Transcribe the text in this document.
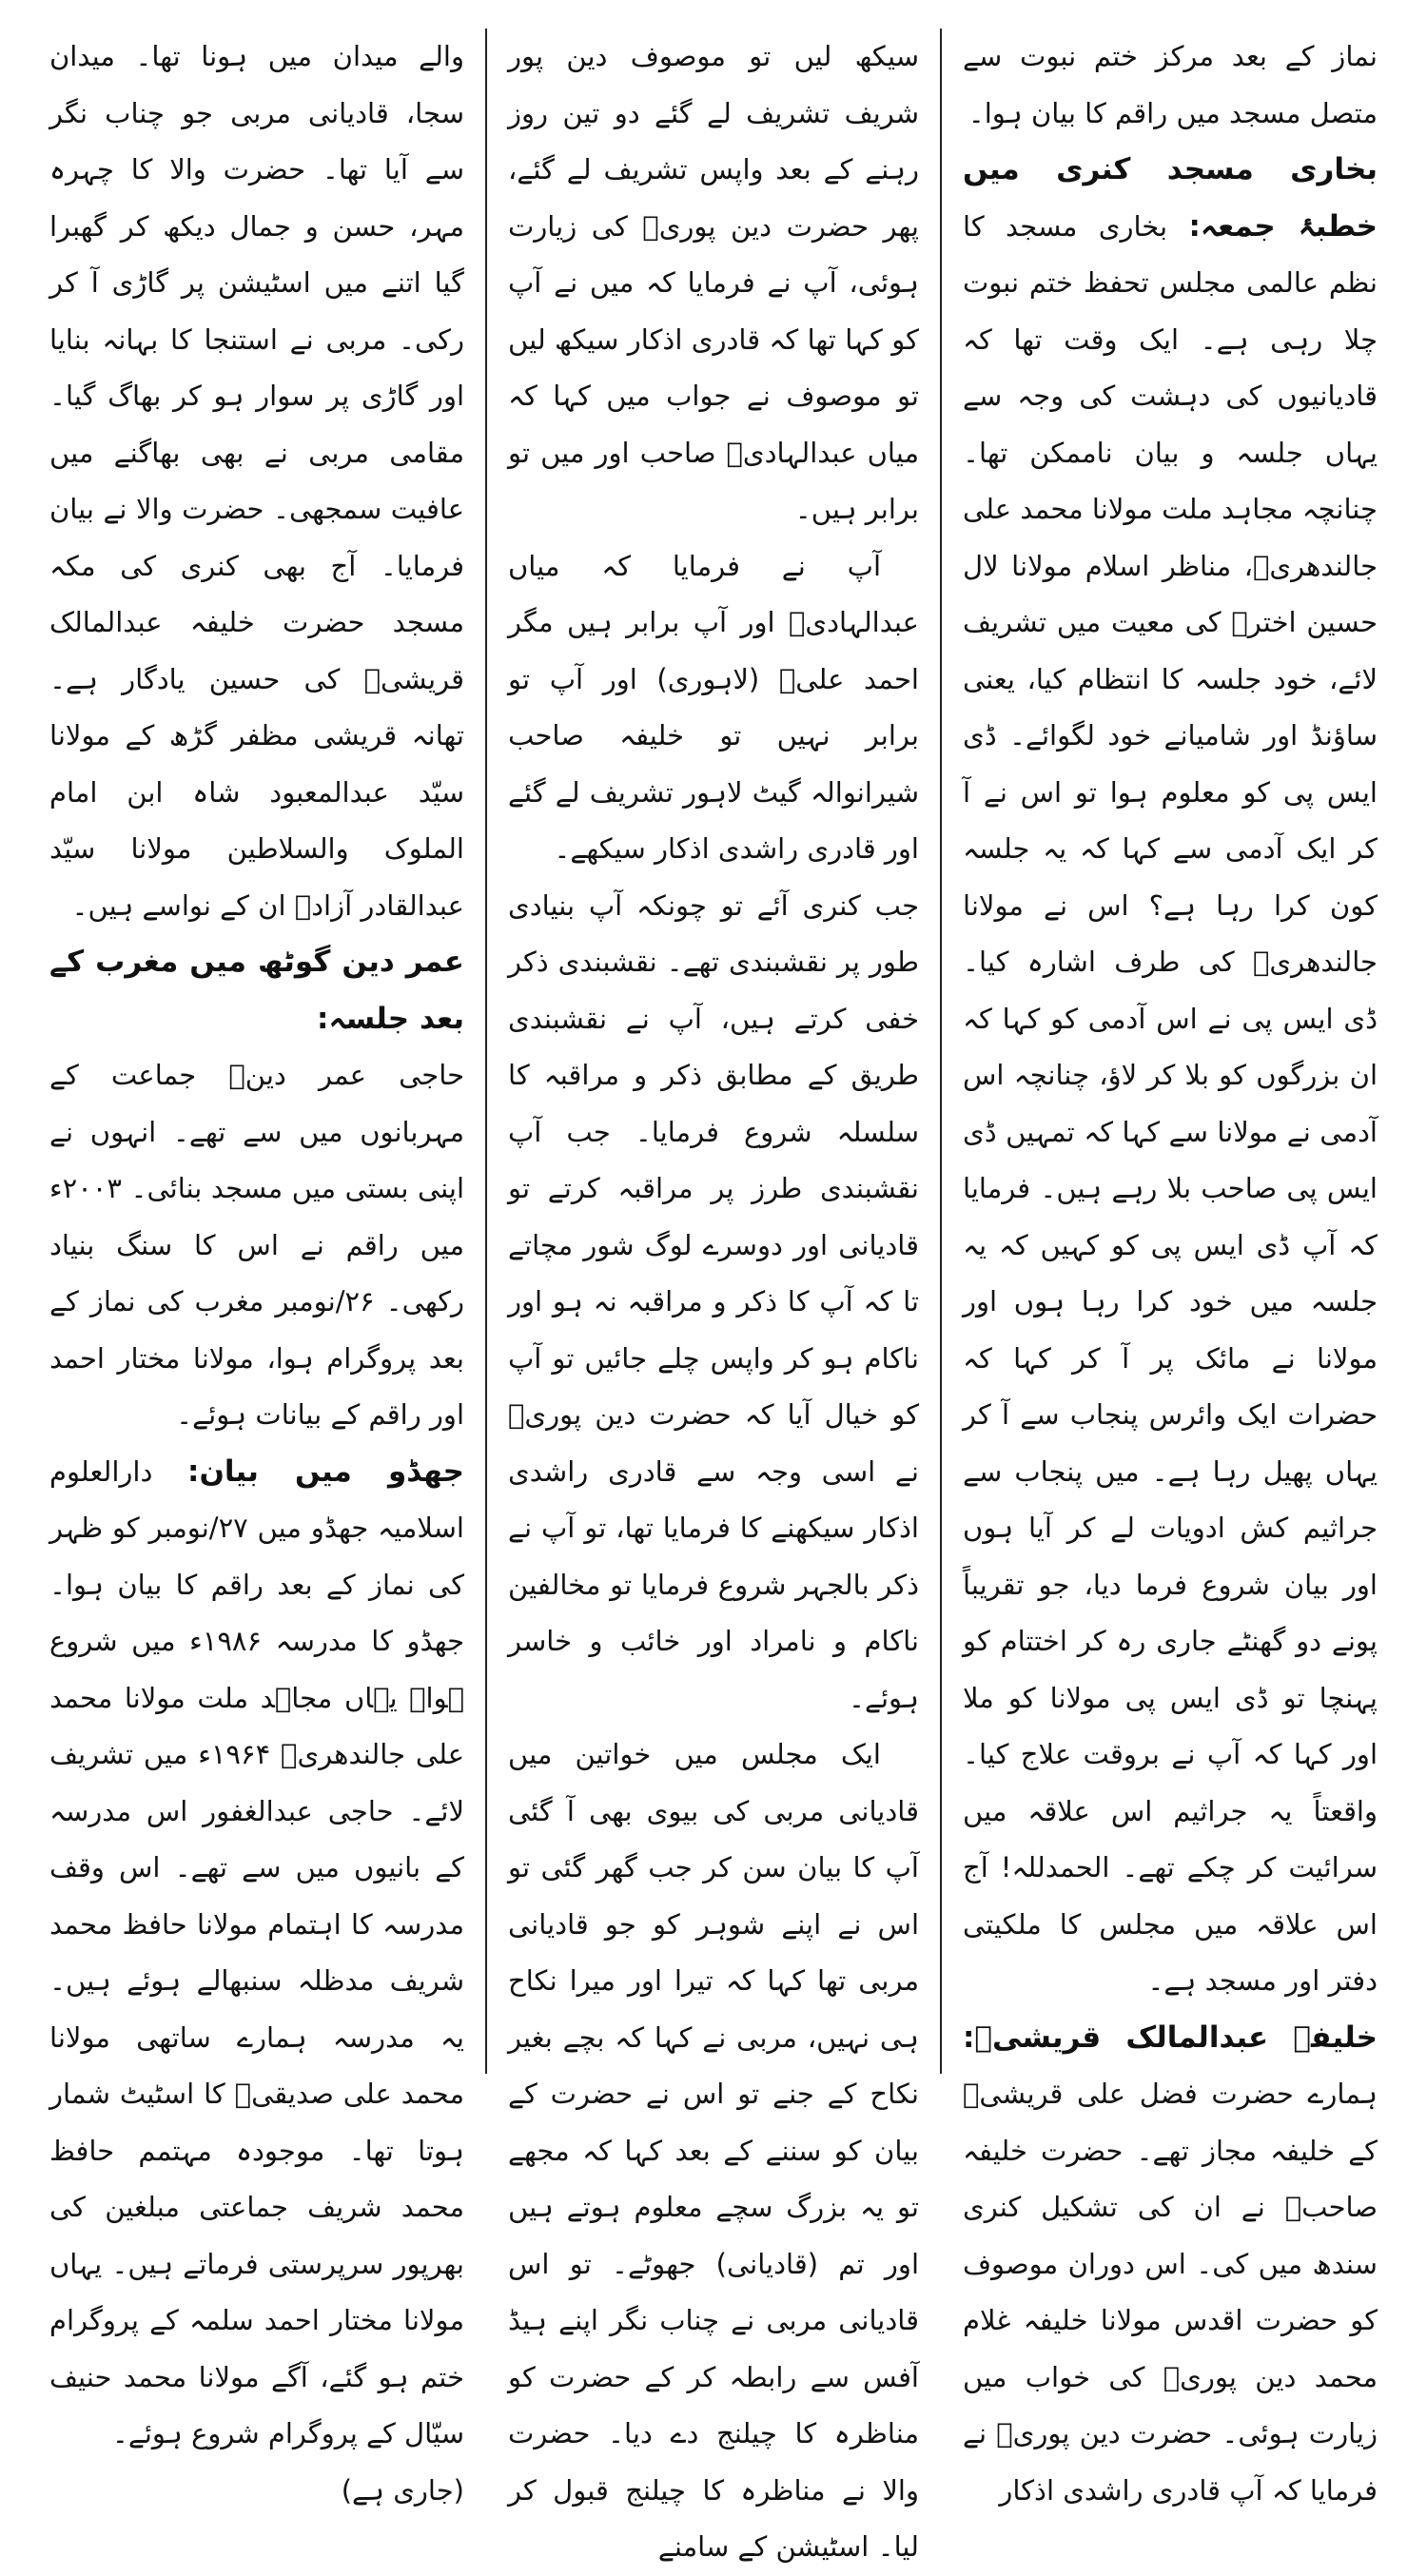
نماز کے بعد مرکز ختم نبوت سے متصل مسجد میں راقم کا بیان ہوا۔

بخاری مسجد کنری میں خطبۂ جمعہ: بخاری مسجد کا نظم عالمی مجلس تحفظ ختم نبوت چلا رہی ہے۔ ایک وقت تھا کہ قادیانیوں کی دہشت کی وجہ سے یہاں جلسہ و بیان ناممکن تھا۔ چنانچہ مجاہد ملت مولانا محمد علی جالندھریؒ، مناظر اسلام مولانا لال حسین اخترؒ کی معیت میں تشریف لائے، خود جلسہ کا انتظام کیا، یعنی ساؤنڈ اور شامیانے خود لگوائے۔ ڈی ایس پی کو معلوم ہوا تو اس نے آ کر ایک آدمی سے کہا کہ یہ جلسہ کون کرا رہا ہے؟ اس نے مولانا جالندھریؒ کی طرف اشارہ کیا۔ ڈی ایس پی نے اس آدمی کو کہا کہ ان بزرگوں کو بلا کر لاؤ، چنانچہ اس آدمی نے مولانا سے کہا کہ تمہیں ڈی ایس پی صاحب بلا رہے ہیں۔ فرمایا کہ آپ ڈی ایس پی کو کہیں کہ یہ جلسہ میں خود کرا رہا ہوں اور مولانا نے مائک پر آ کر کہا کہ حضرات ایک وائرس پنجاب سے آ کر یہاں پھیل رہا ہے۔ میں پنجاب سے جراثیم کش ادویات لے کر آیا ہوں اور بیان شروع فرما دیا، جو تقریباً پونے دو گھنٹے جاری رہ کر اختتام کو پہنچا تو ڈی ایس پی مولانا کو ملا اور کہا کہ آپ نے بروقت علاج کیا۔ واقعتاً یہ جراثیم اس علاقہ میں سرائیت کر چکے تھے۔ الحمدللہ! آج اس علاقہ میں مجلس کا ملکیتی دفتر اور مسجد ہے۔

خلیفہ عبدالمالک قریشیؒ: ہمارے حضرت فضل علی قریشیؒ کے خلیفہ مجاز تھے۔ حضرت خلیفہ صاحبؒ نے ان کی تشکیل کنری سندھ میں کی۔ اس دوران موصوف کو حضرت اقدس مولانا خلیفہ غلام محمد دین پوریؒ کی خواب میں زیارت ہوئی۔ حضرت دین پوریؒ نے فرمایا کہ آپ قادری راشدی اذکار

سیکھ لیں تو موصوف دین پور شریف تشریف لے گئے دو تین روز رہنے کے بعد واپس تشریف لے گئے، پھر حضرت دین پوریؒ کی زیارت ہوئی، آپ نے فرمایا کہ میں نے آپ کو کہا تھا کہ قادری اذکار سیکھ لیں تو موصوف نے جواب میں کہا کہ میاں عبدالہادیؒ صاحب اور میں تو برابر ہیں۔

آپ نے فرمایا کہ میاں عبدالہادیؒ اور آپ برابر ہیں مگر احمد علیؒ (لاہوری) اور آپ تو برابر نہیں تو خلیفہ صاحب شیرانوالہ گیٹ لاہور تشریف لے گئے اور قادری راشدی اذکار سیکھے۔

جب کنری آئے تو چونکہ آپ بنیادی طور پر نقشبندی تھے۔ نقشبندی ذکر خفی کرتے ہیں، آپ نے نقشبندی طریق کے مطابق ذکر و مراقبہ کا سلسلہ شروع فرمایا۔ جب آپ نقشبندی طرز پر مراقبہ کرتے تو قادیانی اور دوسرے لوگ شور مچاتے تا کہ آپ کا ذکر و مراقبہ نہ ہو اور ناکام ہو کر واپس چلے جائیں تو آپ کو خیال آیا کہ حضرت دین پوریؒ نے اسی وجہ سے قادری راشدی اذکار سیکھنے کا فرمایا تھا، تو آپ نے ذکر بالجہر شروع فرمایا تو مخالفین ناکام و نامراد اور خائب و خاسر ہوئے۔

ایک مجلس میں خواتین میں قادیانی مربی کی بیوی بھی آ گئی آپ کا بیان سن کر جب گھر گئی تو اس نے اپنے شوہر کو جو قادیانی مربی تھا کہا کہ تیرا اور میرا نکاح ہی نہیں، مربی نے کہا کہ بچے بغیر نکاح کے جنے تو اس نے حضرت کے بیان کو سننے کے بعد کہا کہ مجھے تو یہ بزرگ سچے معلوم ہوتے ہیں اور تم (قادیانی) جھوٹے۔ تو اس قادیانی مربی نے چناب نگر اپنے ہیڈ آفس سے رابطہ کر کے حضرت کو مناظرہ کا چیلنج دے دیا۔ حضرت والا نے مناظرہ کا چیلنج قبول کر لیا۔ اسٹیشن کے سامنے

والے میدان میں ہونا تھا۔ میدان سجا، قادیانی مربی جو چناب نگر سے آیا تھا۔ حضرت والا کا چہرہ مہر، حسن و جمال دیکھ کر گھبرا گیا اتنے میں اسٹیشن پر گاڑی آ کر رکی۔ مربی نے استنجا کا بہانہ بنایا اور گاڑی پر سوار ہو کر بھاگ گیا۔ مقامی مربی نے بھی بھاگنے میں عافیت سمجھی۔ حضرت والا نے بیان فرمایا۔ آج بھی کنری کی مکہ مسجد حضرت خلیفہ عبدالمالک قریشیؒ کی حسین یادگار ہے۔ تھانہ قریشی مظفر گڑھ کے مولانا سیّد عبدالمعبود شاہ ابن امام الملوک والسلاطین مولانا سیّد عبدالقادر آزادؒ ان کے نواسے ہیں۔

عمر دین گوٹھ میں مغرب کے بعد جلسہ:

حاجی عمر دینؒ جماعت کے مہربانوں میں سے تھے۔ انہوں نے اپنی بستی میں مسجد بنائی۔ ۲۰۰۳ء میں راقم نے اس کا سنگ بنیاد رکھی۔ ۲۶/نومبر مغرب کی نماز کے بعد پروگرام ہوا، مولانا مختار احمد اور راقم کے بیانات ہوئے۔

جھڈو میں بیان: دارالعلوم اسلامیہ جھڈو میں ۲۷/نومبر کو ظہر کی نماز کے بعد راقم کا بیان ہوا۔ جھڈو کا مدرسہ ۱۹۸۶ء میں شروع ہوا۔ یہاں مجاہد ملت مولانا محمد علی جالندھریؒ ۱۹۶۴ء میں تشریف لائے۔ حاجی عبدالغفور اس مدرسہ کے بانیوں میں سے تھے۔ اس وقف مدرسہ کا اہتمام مولانا حافظ محمد شریف مدظلہ سنبھالے ہوئے ہیں۔ یہ مدرسہ ہمارے ساتھی مولانا محمد علی صدیقیؒ کا اسٹیٹ شمار ہوتا تھا۔ موجودہ مہتمم حافظ محمد شریف جماعتی مبلغین کی بھرپور سرپرستی فرماتے ہیں۔ یہاں مولانا مختار احمد سلمہ کے پروگرام ختم ہو گئے، آگے مولانا محمد حنیف سیّال کے پروگرام شروع ہوئے۔

(جاری ہے)
